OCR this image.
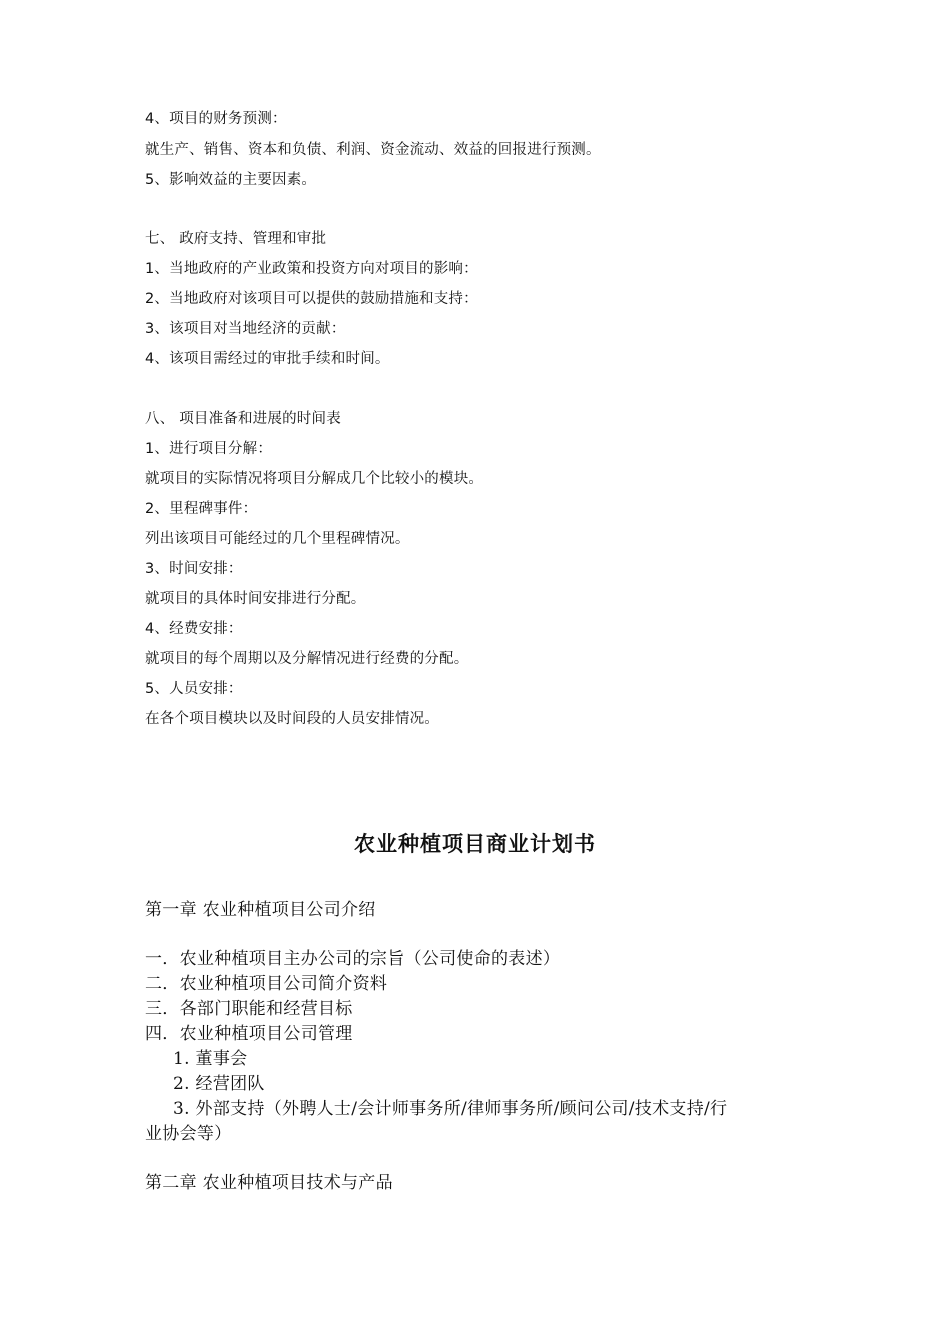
4、项目的财务预测：
就生产、销售、资本和负债、利润、资金流动、效益的回报进行预测。
5、影响效益的主要因素。
七、 政府支持、管理和审批
1、当地政府的产业政策和投资方向对项目的影响：
2、当地政府对该项目可以提供的鼓励措施和支持：
3、该项目对当地经济的贡献：
4、该项目需经过的审批手续和时间。
八、 项目准备和进展的时间表
1、进行项目分解：
就项目的实际情况将项目分解成几个比较小的模块。
2、里程碑事件：
列出该项目可能经过的几个里程碑情况。
3、时间安排：
就项目的具体时间安排进行分配。
4、经费安排：
就项目的每个周期以及分解情况进行经费的分配。
5、人员安排：
在各个项目模块以及时间段的人员安排情况。
农业种植项目商业计划书
第一章 农业种植项目公司介绍
一．农业种植项目主办公司的宗旨（公司使命的表述）
二．农业种植项目公司简介资料
三．各部门职能和经营目标
四．农业种植项目公司管理
1. 董事会
2. 经营团队
3. 外部支持（外聘人士/会计师事务所/律师事务所/顾问公司/技术支持/行
业协会等）
第二章 农业种植项目技术与产品
